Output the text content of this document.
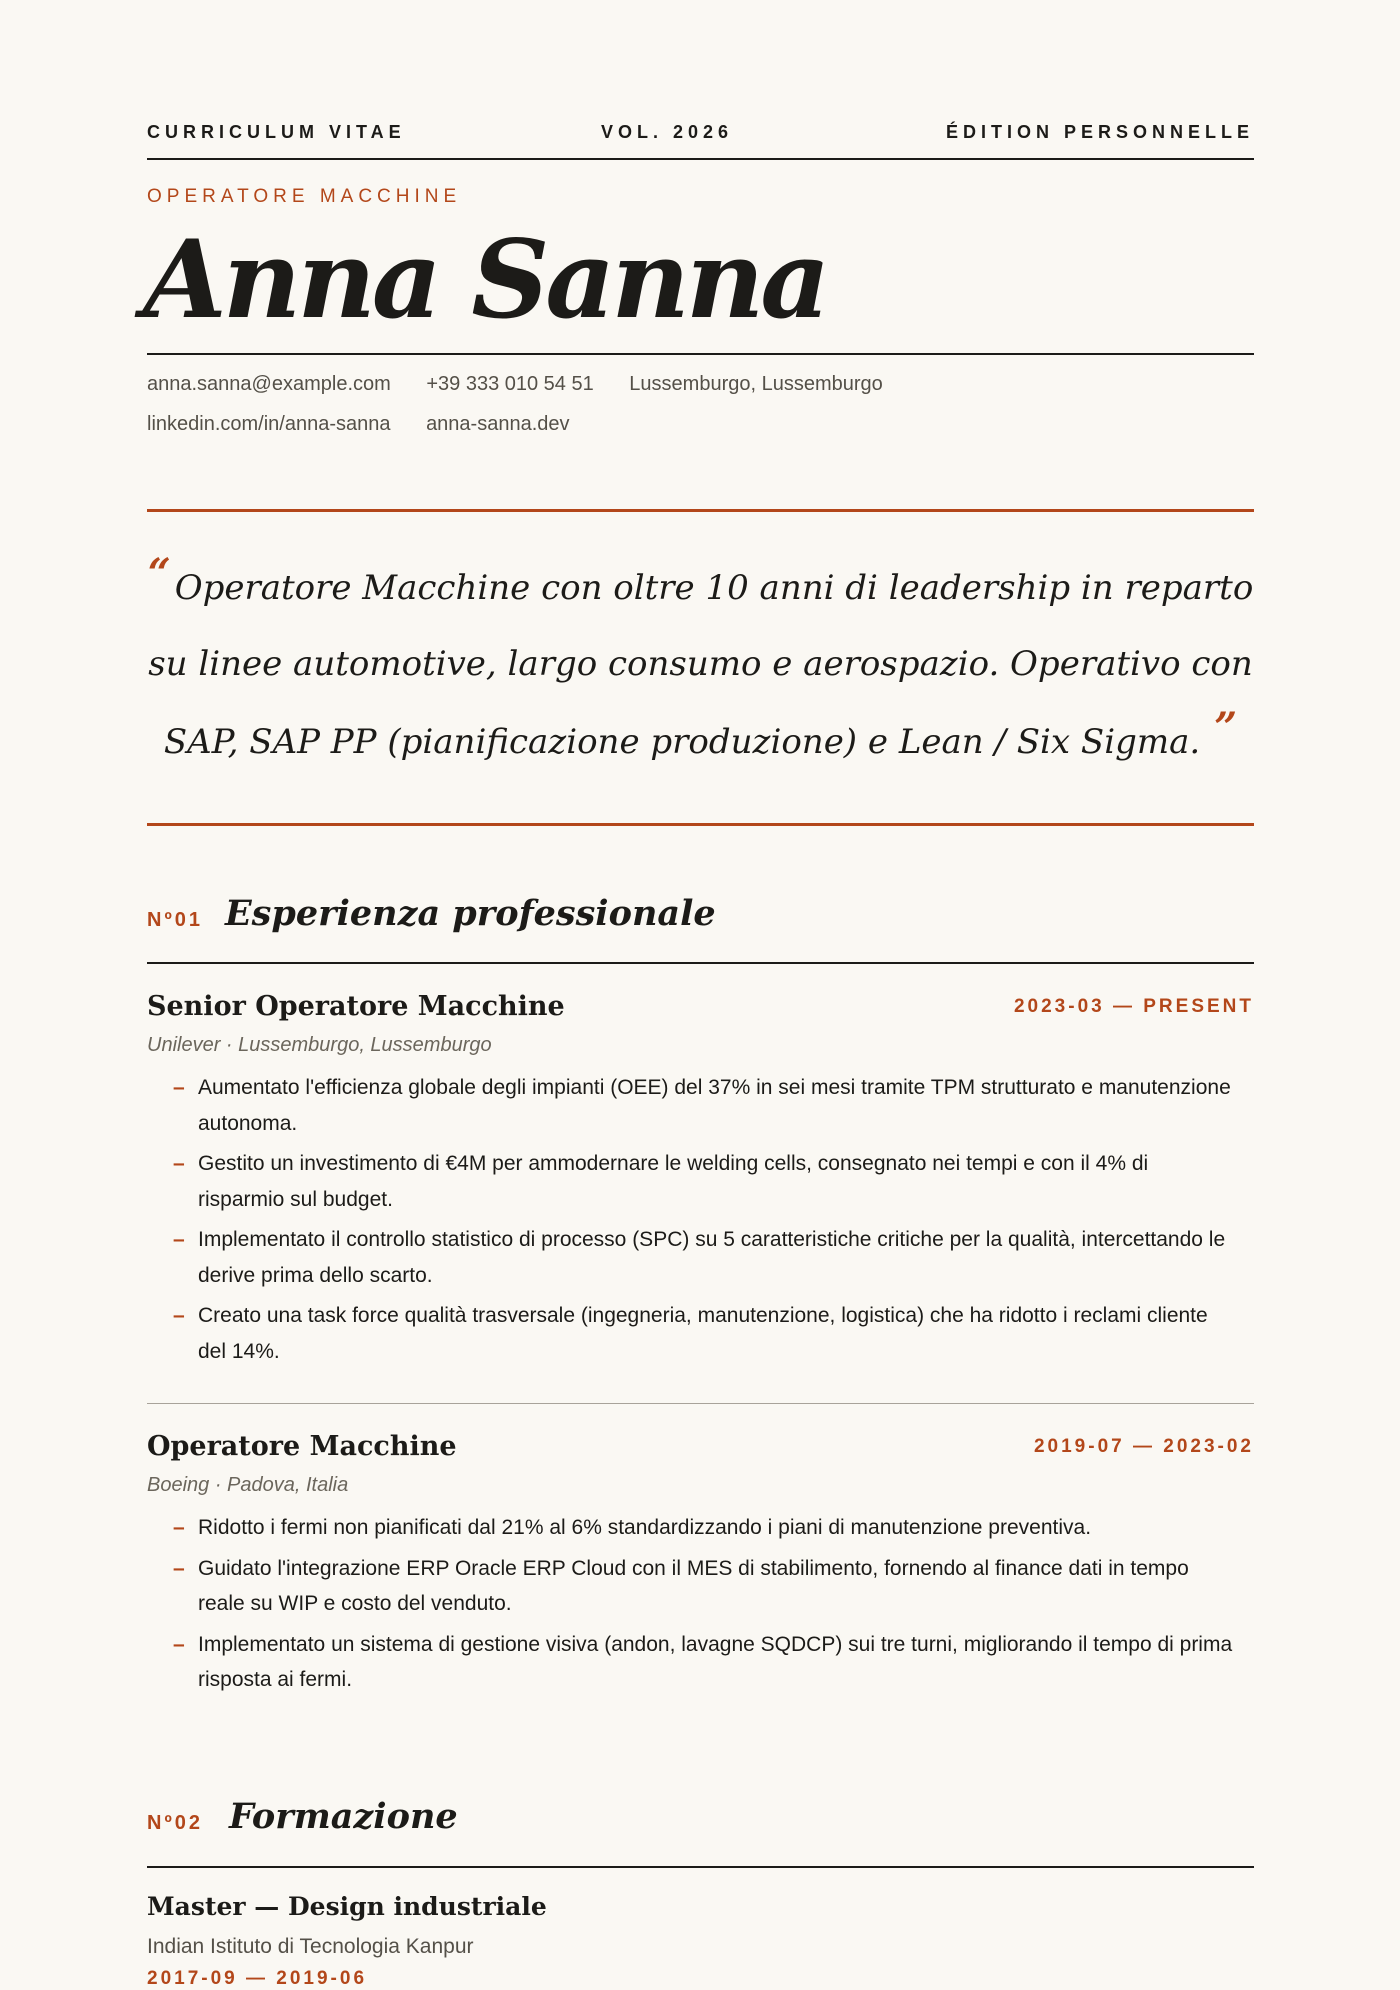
CURRICULUM VITAE	VOL. 2026	ÉDITION PERSONNELLE
OPERATORE MACCHINE
Anna Sanna
anna.sanna@example.com +39 333 010 54 51 Lussemburgo, Lussemburgo
linkedin.com/in/anna-sanna anna-sanna.dev

“ Operatore Macchine con oltre 10 anni di leadership in reparto su linee automotive, largo consumo e aerospazio. Operativo con SAP, SAP PP (pianificazione produzione) e Lean / Six Sigma. ”

Nº01 Esperienza professionale
Senior Operatore Macchine	2023-03 — PRESENT
Unilever · Lussemburgo, Lussemburgo
– Aumentato l'efficienza globale degli impianti (OEE) del 37% in sei mesi tramite TPM strutturato e manutenzione autonoma.
– Gestito un investimento di €4M per ammodernare le welding cells, consegnato nei tempi e con il 4% di risparmio sul budget.
– Implementato il controllo statistico di processo (SPC) su 5 caratteristiche critiche per la qualità, intercettando le derive prima dello scarto.
– Creato una task force qualità trasversale (ingegneria, manutenzione, logistica) che ha ridotto i reclami cliente del 14%.
Operatore Macchine	2019-07 — 2023-02
Boeing · Padova, Italia
– Ridotto i fermi non pianificati dal 21% al 6% standardizzando i piani di manutenzione preventiva.
– Guidato l'integrazione ERP Oracle ERP Cloud con il MES di stabilimento, fornendo al finance dati in tempo reale su WIP e costo del venduto.
– Implementato un sistema di gestione visiva (andon, lavagne SQDCP) sui tre turni, migliorando il tempo di prima risposta ai fermi.
Nº02 Formazione
Master — Design industriale
Indian Istituto di Tecnologia Kanpur
2017-09 — 2019-06
